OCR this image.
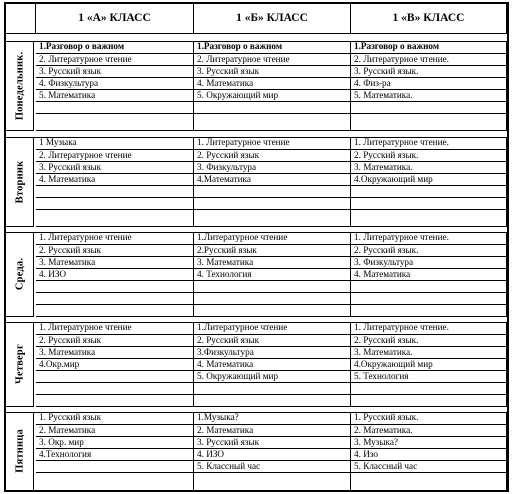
1 «А» КЛАСС	1 «Б» КЛАСС	1 «В» КЛАСС
Понедельник.
1.Разговор о важном
2. Литературное чтение
3. Русский язык
4. Физкультура
5. Математика
1.Разговор о важном
2. Литературное чтение
3. Русский язык
4. Математика
5. Окружающий мир
1.Разговор о важном
2. Литературное чтение.
3. Русский язык.
4. Физ-ра
5. Математика.
Вторник
1 Музыка
2. Литературное чтение
3. Русский язык
4. Математика
1. Литературное чтение
2. Русский язык
3. Физкультура
4.Математика
1. Литературное чтение.
2. Русский язык.
3. Математика.
4.Окружающий мир
Среда.
1. Литературное чтение
2. Русский язык
3. Математика
4. ИЗО
1.Литературное чтение
2.Русский язык
3. Математика
4. Технология
1. Литературное чтение.
2. Русский язык.
3. Физкультура
4. Математика
Четверг
1. Литературное чтение
2. Русский язык
3. Математика
4.Окр.мир
1.Литературное чтение
2. Русский язык
3.Физкультура
4. Математика
5. Окружающий мир
1. Литературное чтение.
2. Русский язык.
3. Математика.
4.Окружающий мир
5. Технология
Пятница
1. Русский язык
2. Математика
3. Окр. мир
4.Технология
1.Музыка?
2. Математика
3. Русский язык
4. ИЗО
5. Классный час
1. Русский язык.
2. Математика.
3. Музыка?
4. Изо
5. Классный час
